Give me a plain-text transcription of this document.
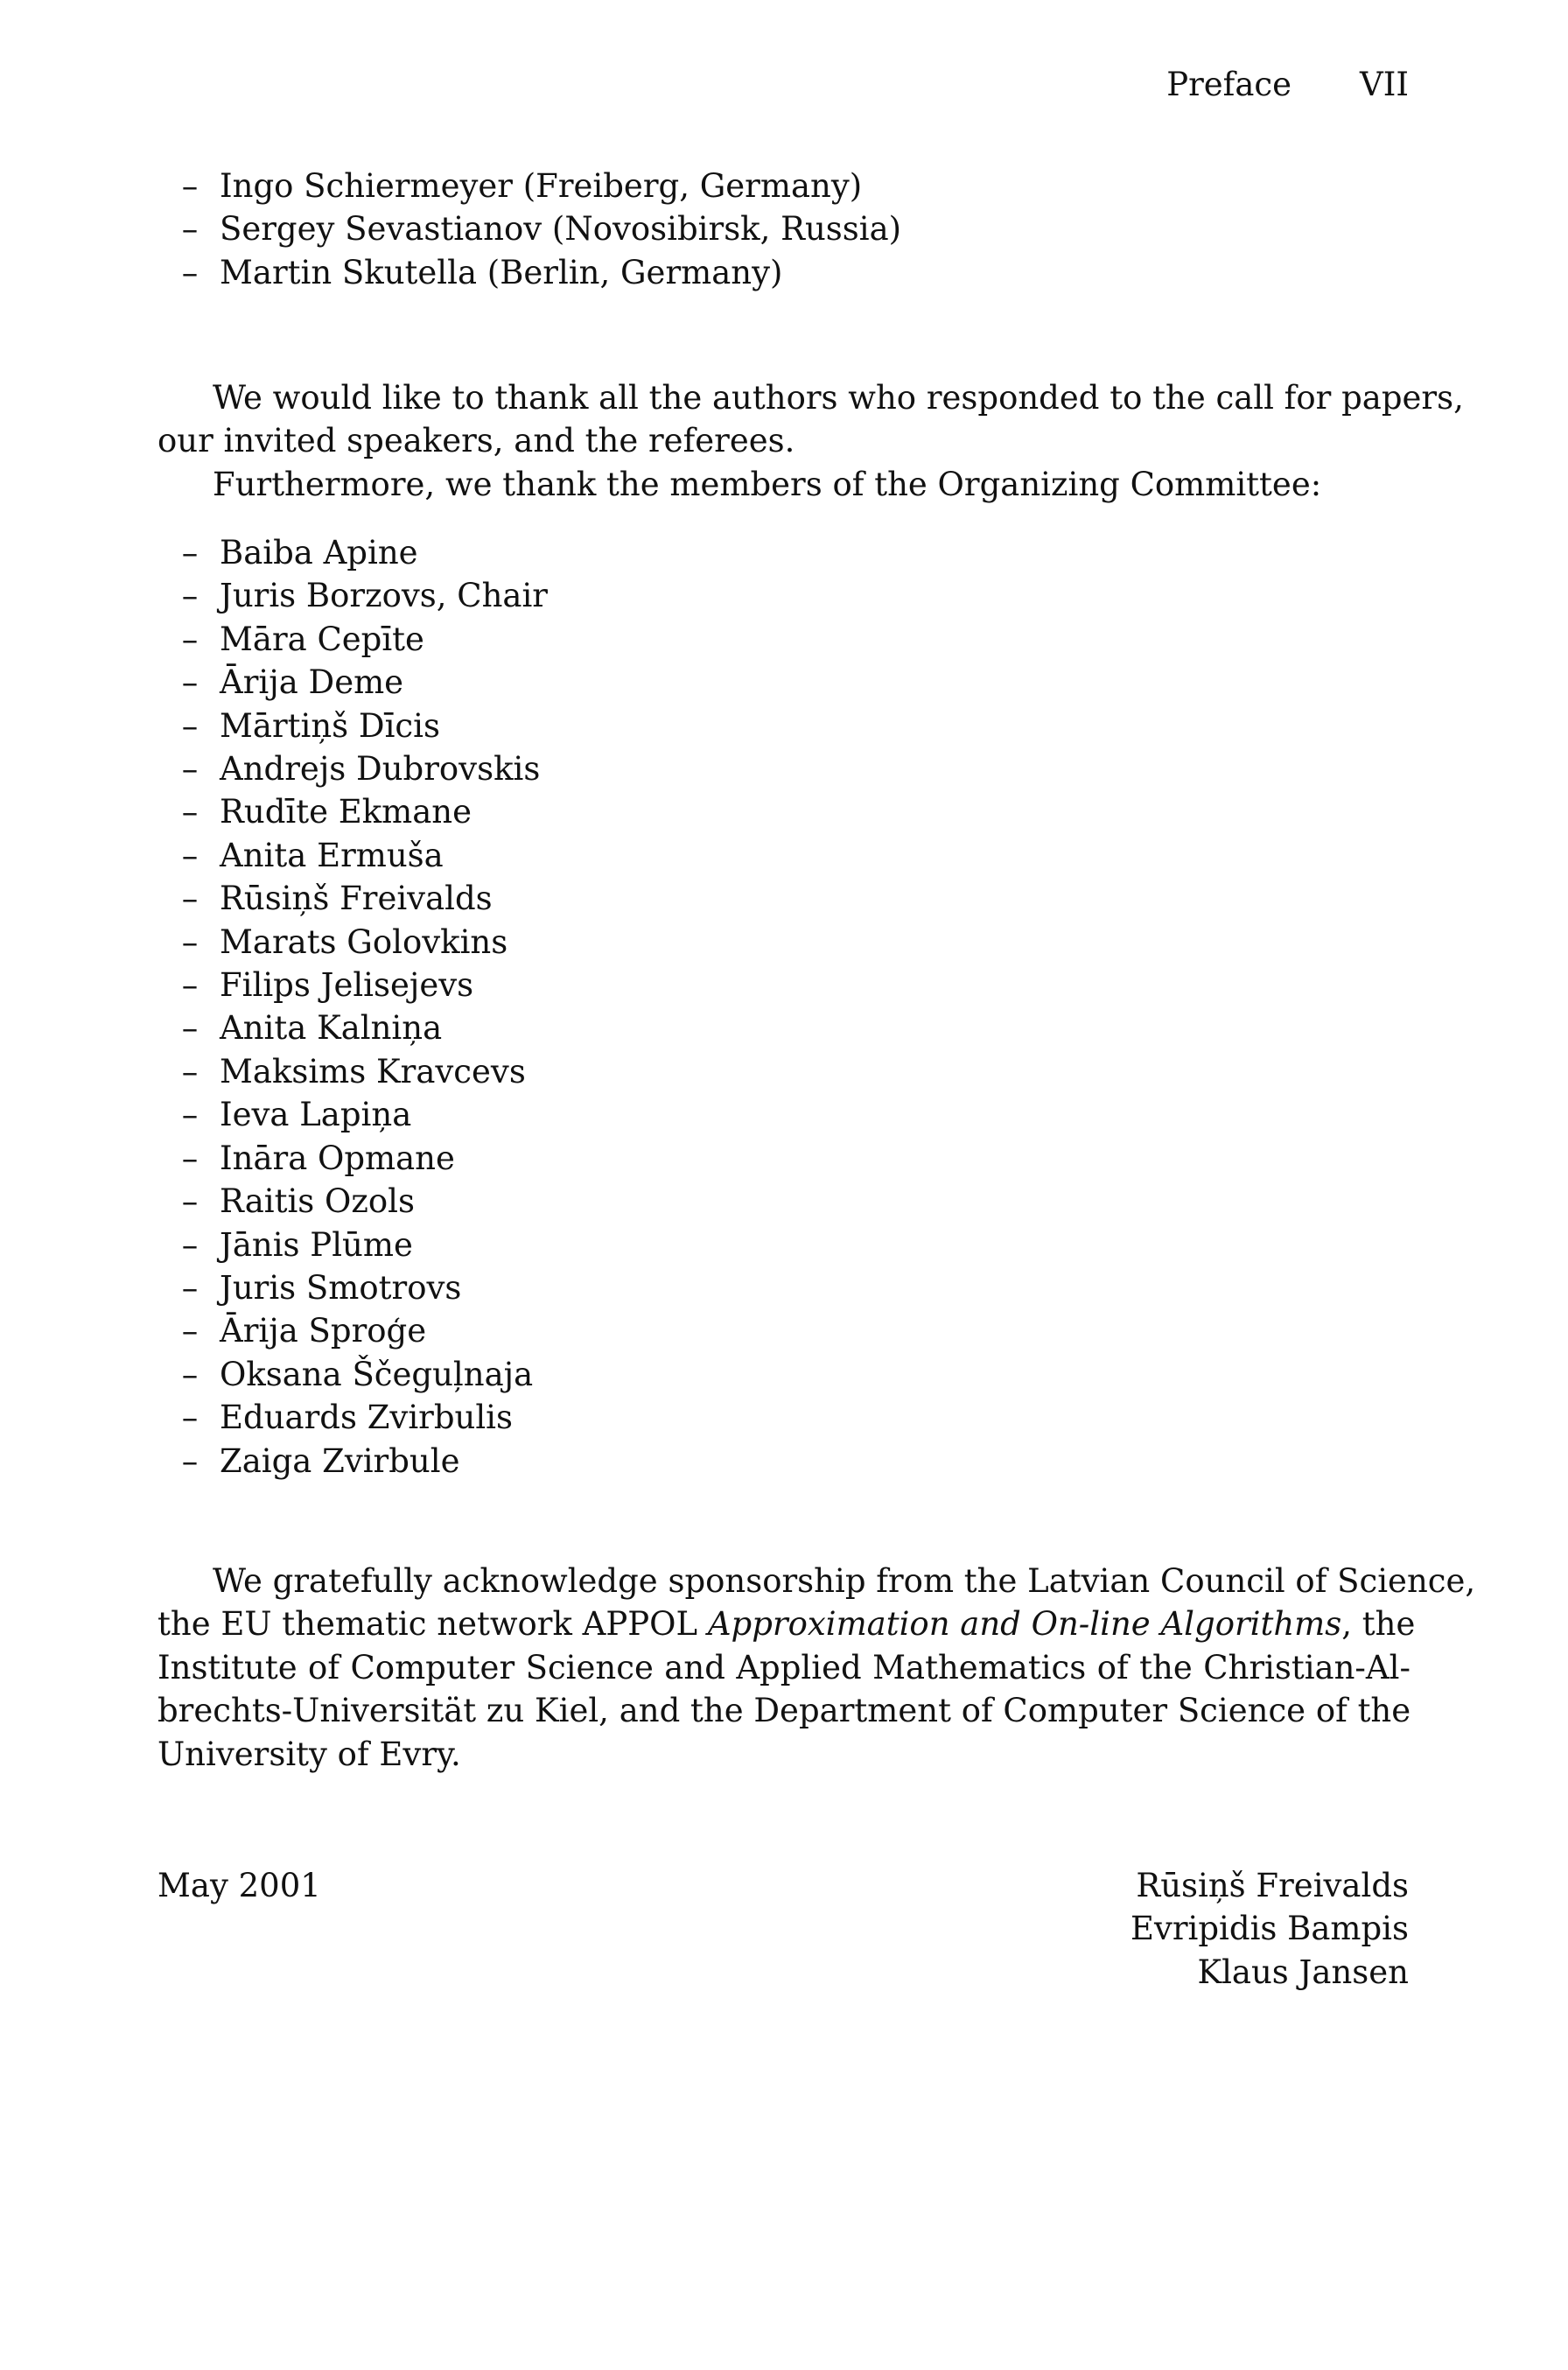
Preface VII
– Ingo Schiermeyer (Freiberg, Germany)
– Sergey Sevastianov (Novosibirsk, Russia)
– Martin Skutella (Berlin, Germany)
We would like to thank all the authors who responded to the call for papers,
our invited speakers, and the referees.
Furthermore, we thank the members of the Organizing Committee:
– Baiba Apine
– Juris Borzovs, Chair
– Māra Cepīte
– Ārija Deme
– Mārtiņš Dīcis
– Andrejs Dubrovskis
– Rudīte Ekmane
– Anita Ermuša
– Rūsiņš Freivalds
– Marats Golovkins
– Filips Jelisejevs
– Anita Kalniņa
– Maksims Kravcevs
– Ieva Lapiņa
– Ināra Opmane
– Raitis Ozols
– Jānis Plūme
– Juris Smotrovs
– Ārija Sproģe
– Oksana Ščeguļnaja
– Eduards Zvirbulis
– Zaiga Zvirbule
We gratefully acknowledge sponsorship from the Latvian Council of Science,
the EU thematic network APPOL Approximation and On-line Algorithms, the
Institute of Computer Science and Applied Mathematics of the Christian-Al-
brechts-Universität zu Kiel, and the Department of Computer Science of the
University of Evry.
May 2001	Rūsiņš Freivalds
Evripidis Bampis
Klaus Jansen
